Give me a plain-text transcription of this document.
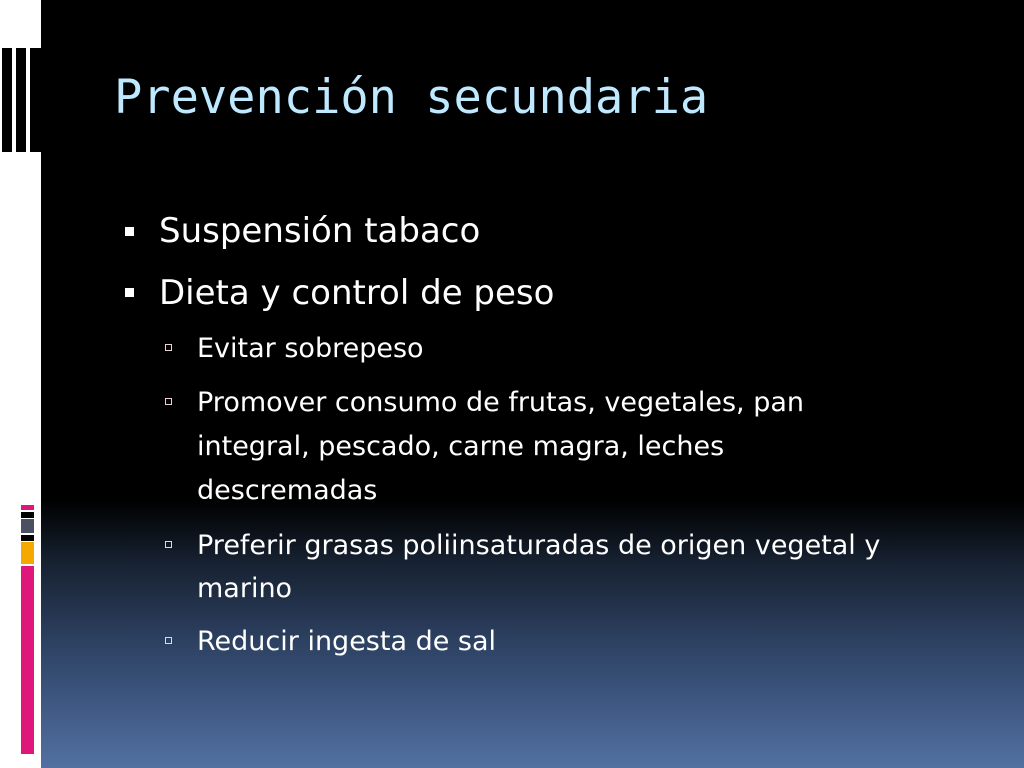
Prevención secundaria
Suspensión tabaco
Dieta y control de peso
Evitar sobrepeso
Promover consumo de frutas, vegetales, pan
integral, pescado, carne magra, leches
descremadas
Preferir grasas poliinsaturadas de origen vegetal y
marino
Reducir ingesta de sal
